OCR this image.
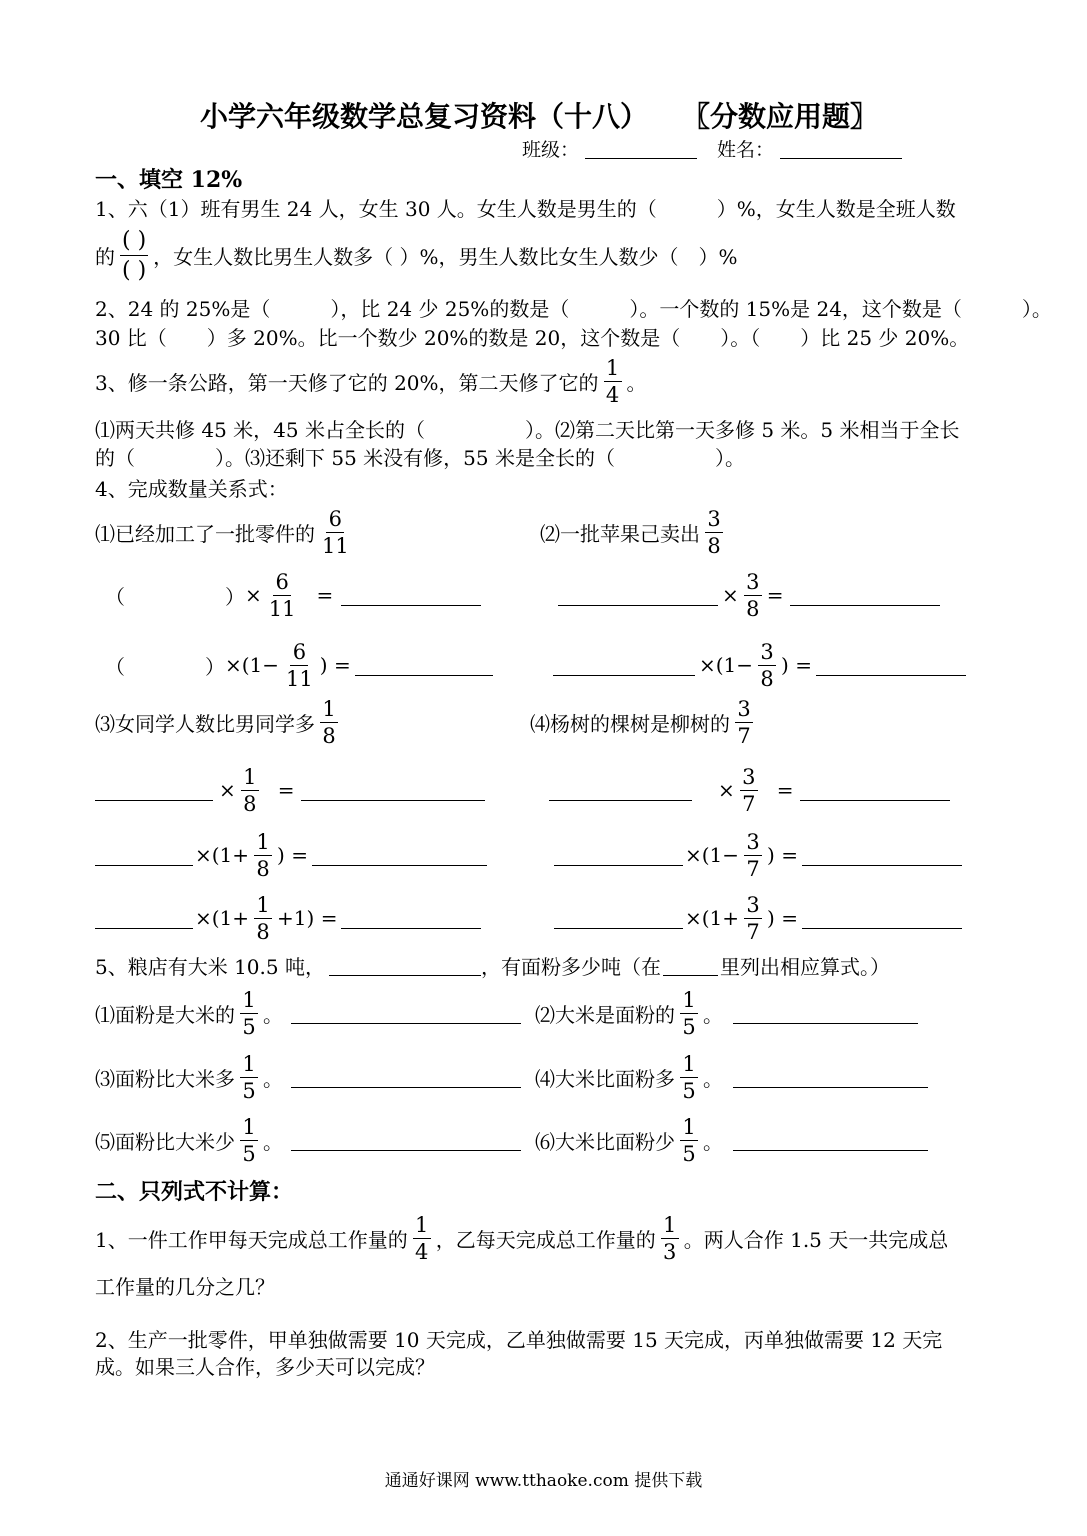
小学六年级数学总复习资料（十八） 〖分数应用题〗
班级：	姓名：
一、填空 12%
1、六（1）班有男生 24 人，女生 30 人。女生人数是男生的（　　　）%，女生人数是全班人数
的 $\frac{( )}{( )}$ ，女生人数比男生人数多（ ）%，男生人数比女生人数少（　）%
2、24 的 25%是（　　　），比 24 少 25%的数是（　　　）。一个数的 15%是 24，这个数是（　　　）。
30 比（　　）多 20%。比一个数少 20%的数是 20，这个数是（　　）。（　　）比 25 少 20%。
3、修一条公路，第一天修了它的 20%，第二天修了它的 $\frac{1}{4}$ 。
⑴两天共修 45 米，45 米占全长的（　　　　　）。⑵第二天比第一天多修 5 米。5 米相当于全长
的（　　　　）。⑶还剩下 55 米没有修，55 米是全长的（　　　　　）。
4、完成数量关系式：
⑴已经加工了一批零件的 $\frac{6}{11}$	⑵一批苹果己卖出 $\frac{3}{8}$
（　　　　　） × $\frac{6}{11}$ =	× $\frac{3}{8}$ =
（　　　　） $\times(1- \frac{6}{11}$ ) =	$\times(1- \frac{3}{8}$ ) =
⑶女同学人数比男同学多 $\frac{1}{8}$	⑷杨树的棵树是柳树的 $\frac{3}{7}$
× $\frac{1}{8}$ =	× $\frac{3}{7}$ =
$\times(1+ \frac{1}{8}$ ) =	$\times(1- \frac{3}{7}$ ) =
$\times(1+ \frac{1}{8} +1)$ =	$\times(1+ \frac{3}{7}$ ) =
5、粮店有大米 10.5 吨，	，有面粉多少吨（在	里列出相应算式。）
⑴面粉是大米的 $\frac{1}{5}$ 。	⑵大米是面粉的 $\frac{1}{5}$ 。
⑶面粉比大米多 $\frac{1}{5}$ 。	⑷大米比面粉多 $\frac{1}{5}$ 。
⑸面粉比大米少 $\frac{1}{5}$ 。	⑹大米比面粉少 $\frac{1}{5}$ 。
二、只列式不计算：
1、一件工作甲每天完成总工作量的 $\frac{1}{4}$ ，乙每天完成总工作量的 $\frac{1}{3}$ 。两人合作 1.5 天一共完成总
工作量的几分之几？
2、生产一批零件，甲单独做需要 10 天完成，乙单独做需要 15 天完成，丙单独做需要 12 天完
成。如果三人合作，多少天可以完成？
通通好课网 www.tthaoke.com 提供下载
